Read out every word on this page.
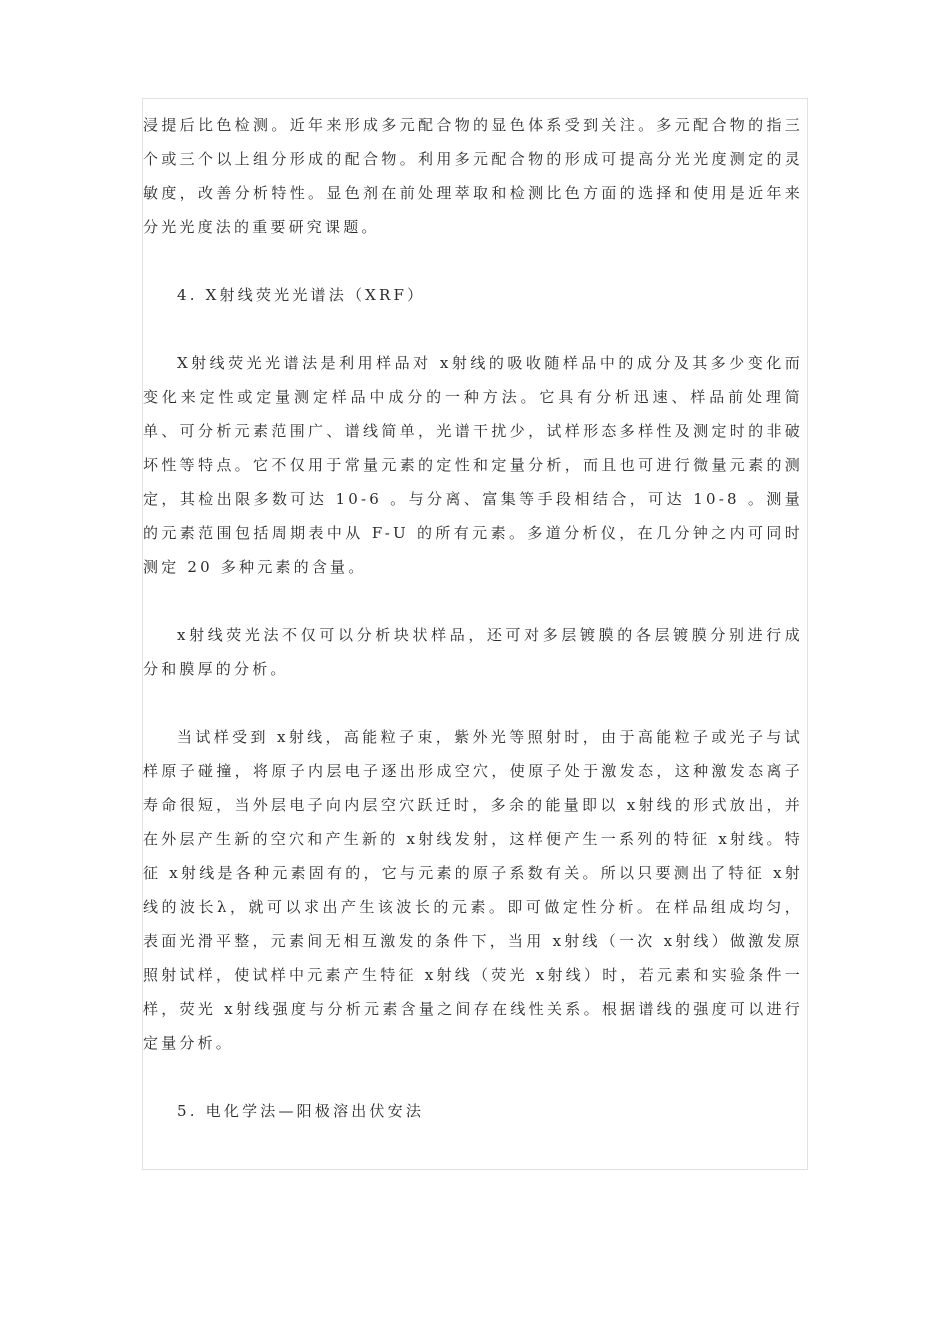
浸提后比色检测。近年来形成多元配合物的显色体系受到关注。多元配合物的指三个或三个以上组分形成的配合物。利用多元配合物的形成可提高分光光度测定的灵敏度，改善分析特性。显色剂在前处理萃取和检测比色方面的选择和使用是近年来分光光度法的重要研究课题。

4. X射线荧光光谱法（XRF）

X射线荧光光谱法是利用样品对 x射线的吸收随样品中的成分及其多少变化而变化来定性或定量测定样品中成分的一种方法。它具有分析迅速、样品前处理简单、可分析元素范围广、谱线简单，光谱干扰少，试样形态多样性及测定时的非破坏性等特点。它不仅用于常量元素的定性和定量分析，而且也可进行微量元素的测定，其检出限多数可达 10-6 。与分离、富集等手段相结合，可达 10-8 。测量的元素范围包括周期表中从 F-U 的所有元素。多道分析仪，在几分钟之内可同时测定 20 多种元素的含量。

x射线荧光法不仅可以分析块状样品，还可对多层镀膜的各层镀膜分别进行成分和膜厚的分析。

当试样受到 x射线，高能粒子束，紫外光等照射时，由于高能粒子或光子与试样原子碰撞，将原子内层电子逐出形成空穴，使原子处于激发态，这种激发态离子寿命很短，当外层电子向内层空穴跃迁时，多余的能量即以 x射线的形式放出，并在外层产生新的空穴和产生新的 x射线发射，这样便产生一系列的特征 x射线。特征 x射线是各种元素固有的，它与元素的原子系数有关。所以只要测出了特征 x射线的波长λ，就可以求出产生该波长的元素。即可做定性分析。在样品组成均匀，表面光滑平整，元素间无相互激发的条件下，当用 x射线（一次 x射线）做激发原照射试样，使试样中元素产生特征 x射线（荧光 x射线）时，若元素和实验条件一样，荧光 x射线强度与分析元素含量之间存在线性关系。根据谱线的强度可以进行定量分析。

5. 电化学法—阳极溶出伏安法
